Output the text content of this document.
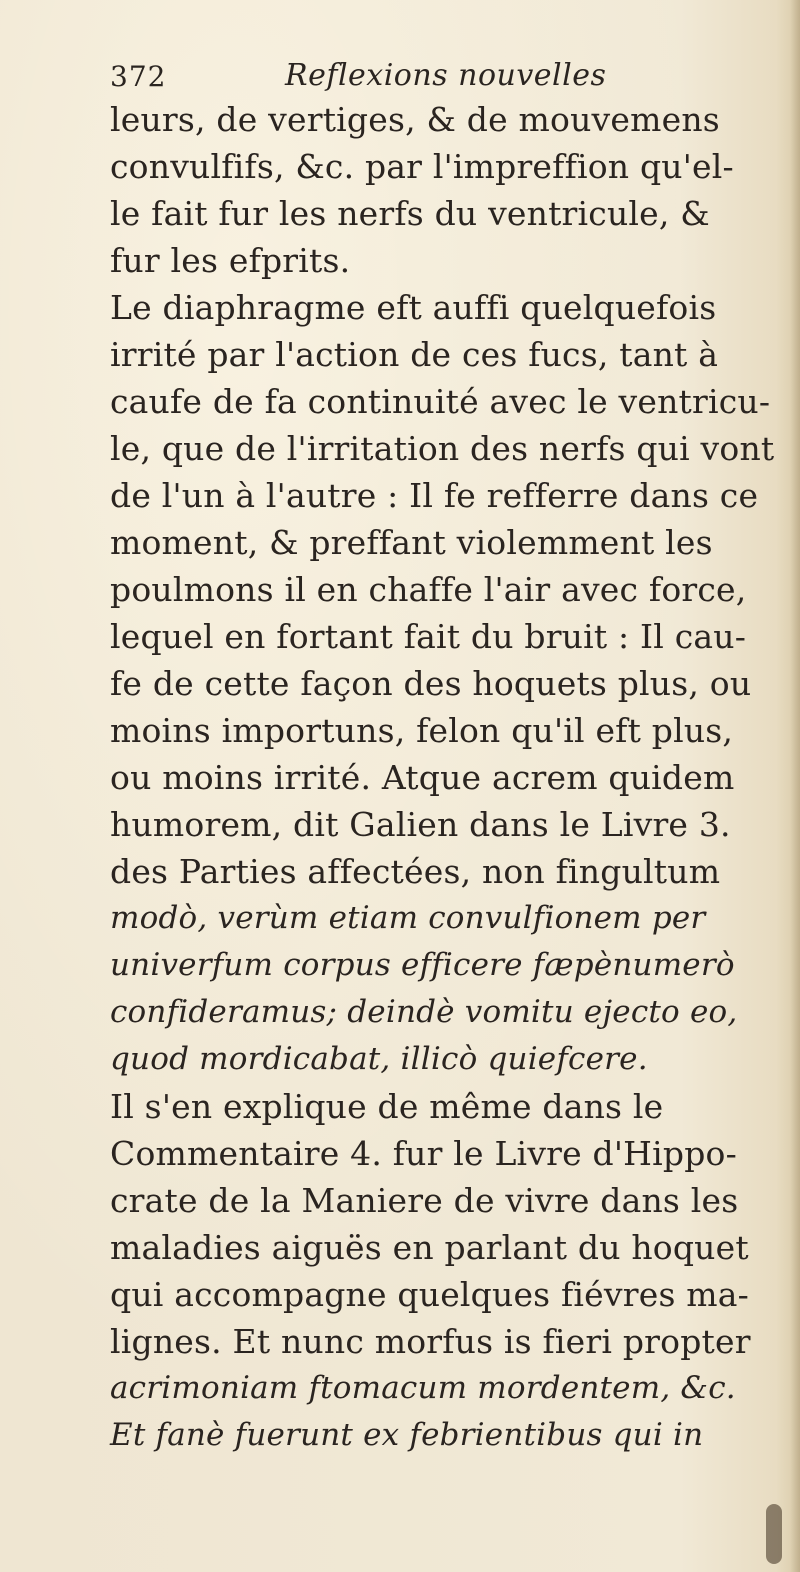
372	Reflexions nouvelles
leurs, de vertiges, & de mouvemens
convulfifs, &c. par l'impreffion qu'el-
le fait fur les nerfs du ventricule, &
fur les efprits.
Le diaphragme eft auffi quelquefois
irrité par l'action de ces fucs, tant à
caufe de fa continuité avec le ventricu-
le, que de l'irritation des nerfs qui vont
de l'un à l'autre : Il fe refferre dans ce
moment, & preffant violemment les
poulmons il en chaffe l'air avec force,
lequel en fortant fait du bruit : Il cau-
fe de cette façon des hoquets plus, ou
moins importuns, felon qu'il eft plus,
ou moins irrité. Atque acrem quidem
humorem, dit Galien dans le Livre 3.
des Parties affectées, non fingultum
modò, verùm etiam convulfionem per
univerfum corpus efficere fæpènumerò
confideramus; deindè vomitu ejecto eo,
quod mordicabat, illicò quiefcere.
Il s'en explique de même dans le
Commentaire 4. fur le Livre d'Hippo-
crate de la Maniere de vivre dans les
maladies aiguës en parlant du hoquet
qui accompagne quelques fiévres ma-
lignes. Et nunc morfus is fieri propter
acrimoniam ftomacum mordentem, &c.
Et fanè fuerunt ex febrientibus qui in
